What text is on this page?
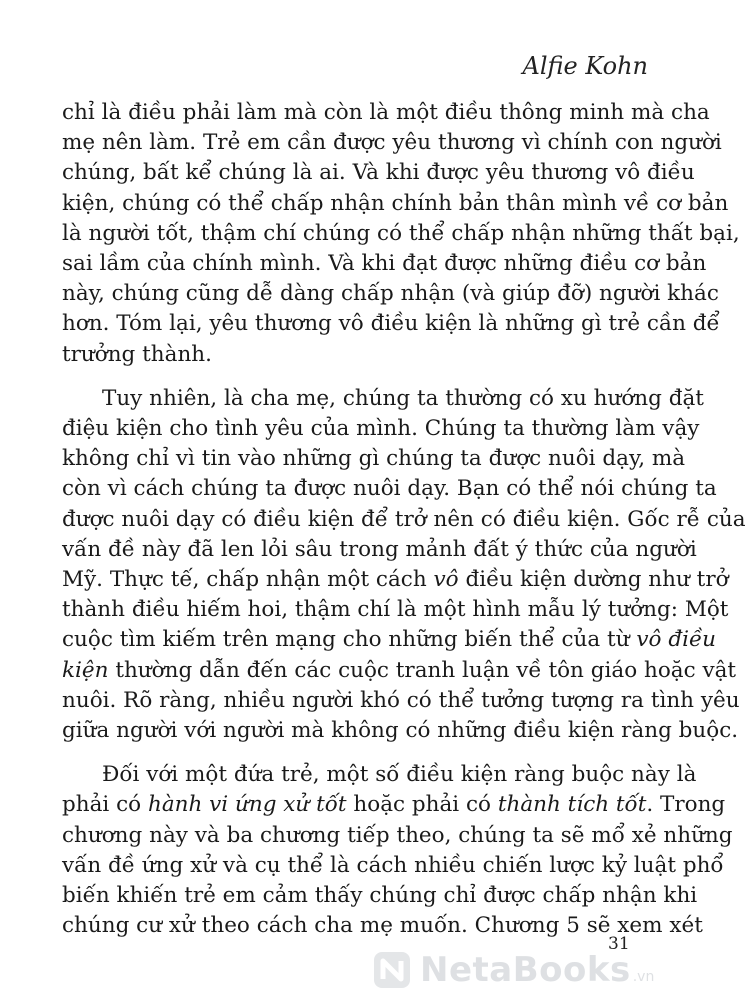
Alfie Kohn
chỉ là điều phải làm mà còn là một điều thông minh mà cha
mẹ nên làm. Trẻ em cần được yêu thương vì chính con người
chúng, bất kể chúng là ai. Và khi được yêu thương vô điều
kiện, chúng có thể chấp nhận chính bản thân mình về cơ bản
là người tốt, thậm chí chúng có thể chấp nhận những thất bại,
sai lầm của chính mình. Và khi đạt được những điều cơ bản
này, chúng cũng dễ dàng chấp nhận (và giúp đỡ) người khác
hơn. Tóm lại, yêu thương vô điều kiện là những gì trẻ cần để
trưởng thành.
Tuy nhiên, là cha mẹ, chúng ta thường có xu hướng đặt
điệu kiện cho tình yêu của mình. Chúng ta thường làm vậy
không chỉ vì tin vào những gì chúng ta được nuôi dạy, mà
còn vì cách chúng ta được nuôi dạy. Bạn có thể nói chúng ta
được nuôi dạy có điều kiện để trở nên có điều kiện. Gốc rễ của
vấn đề này đã len lỏi sâu trong mảnh đất ý thức của người
Mỹ. Thực tế, chấp nhận một cách vô điều kiện dường như trở
thành điều hiếm hoi, thậm chí là một hình mẫu lý tưởng: Một
cuộc tìm kiếm trên mạng cho những biến thể của từ vô điều
kiện thường dẫn đến các cuộc tranh luận về tôn giáo hoặc vật
nuôi. Rõ ràng, nhiều người khó có thể tưởng tượng ra tình yêu
giữa người với người mà không có những điều kiện ràng buộc.
Đối với một đứa trẻ, một số điều kiện ràng buộc này là
phải có hành vi ứng xử tốt hoặc phải có thành tích tốt. Trong
chương này và ba chương tiếp theo, chúng ta sẽ mổ xẻ những
vấn đề ứng xử và cụ thể là cách nhiều chiến lược kỷ luật phổ
biến khiến trẻ em cảm thấy chúng chỉ được chấp nhận khi
chúng cư xử theo cách cha mẹ muốn. Chương 5 sẽ xem xét
31
NetaBooks .vn
